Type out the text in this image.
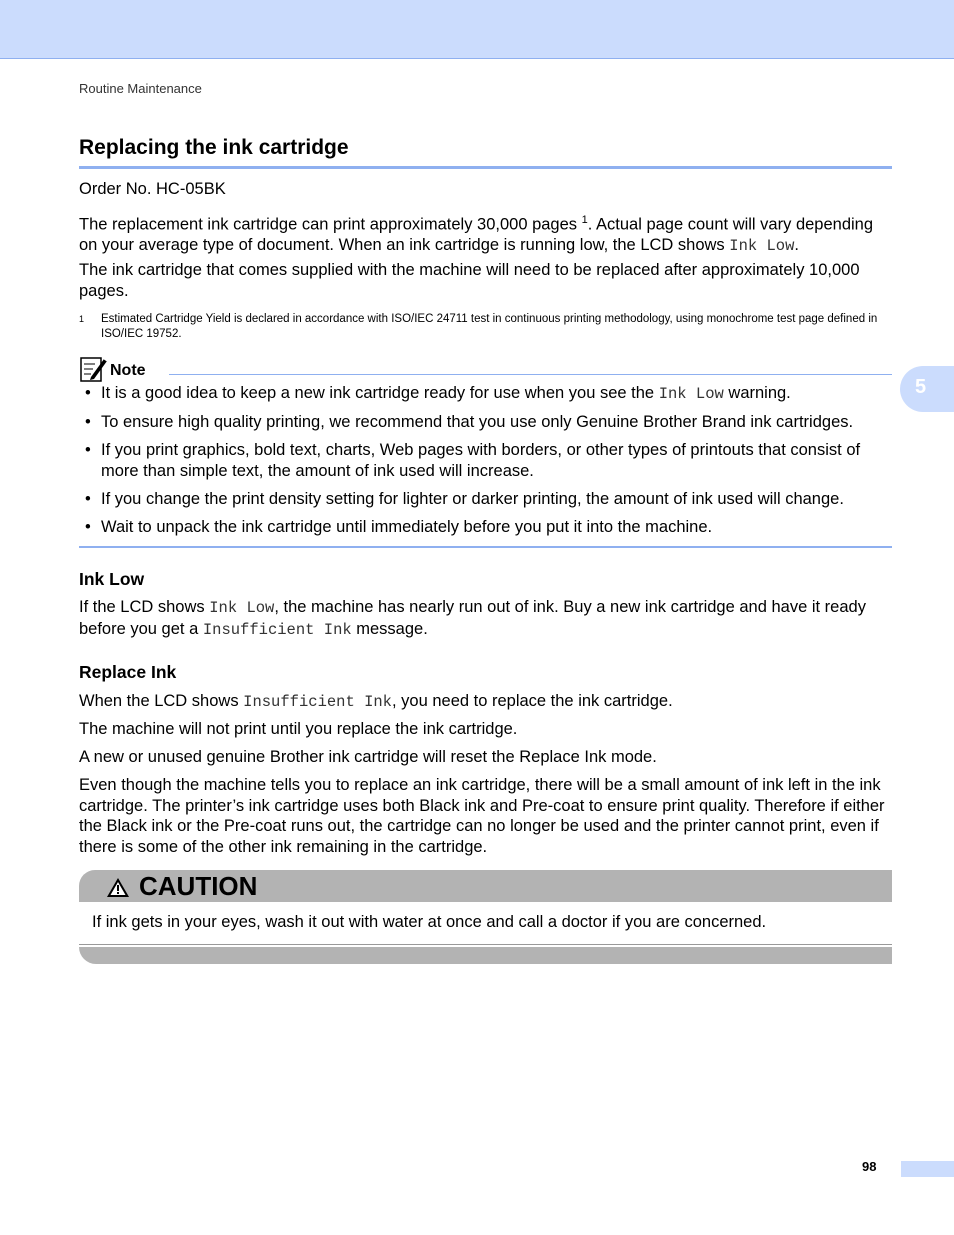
Routine Maintenance
5
Replacing the ink cartridge
Order No. HC-05BK
The replacement ink cartridge can print approximately 30,000 pages $^1$. Actual page count will vary depending on your average type of document. When an ink cartridge is running low, the LCD shows Ink Low.
The ink cartridge that comes supplied with the machine will need to be replaced after approximately 10,000 pages.
1 Estimated Cartridge Yield is declared in accordance with ISO/IEC 24711 test in continuous printing methodology, using monochrome test page defined in ISO/IEC 19752.
Note
• It is a good idea to keep a new ink cartridge ready for use when you see the Ink Low warning.
• To ensure high quality printing, we recommend that you use only Genuine Brother Brand ink cartridges.
• If you print graphics, bold text, charts, Web pages with borders, or other types of printouts that consist of more than simple text, the amount of ink used will increase.
• If you change the print density setting for lighter or darker printing, the amount of ink used will change.
• Wait to unpack the ink cartridge until immediately before you put it into the machine.
Ink Low
If the LCD shows Ink Low, the machine has nearly run out of ink. Buy a new ink cartridge and have it ready before you get a Insufficient Ink message.
Replace Ink
When the LCD shows Insufficient Ink, you need to replace the ink cartridge.
The machine will not print until you replace the ink cartridge.
A new or unused genuine Brother ink cartridge will reset the Replace Ink mode.
Even though the machine tells you to replace an ink cartridge, there will be a small amount of ink left in the ink cartridge. The printer’s ink cartridge uses both Black ink and Pre-coat to ensure print quality. Therefore if either the Black ink or the Pre-coat runs out, the cartridge can no longer be used and the printer cannot print, even if there is some of the other ink remaining in the cartridge.
CAUTION
If ink gets in your eyes, wash it out with water at once and call a doctor if you are concerned.
98
